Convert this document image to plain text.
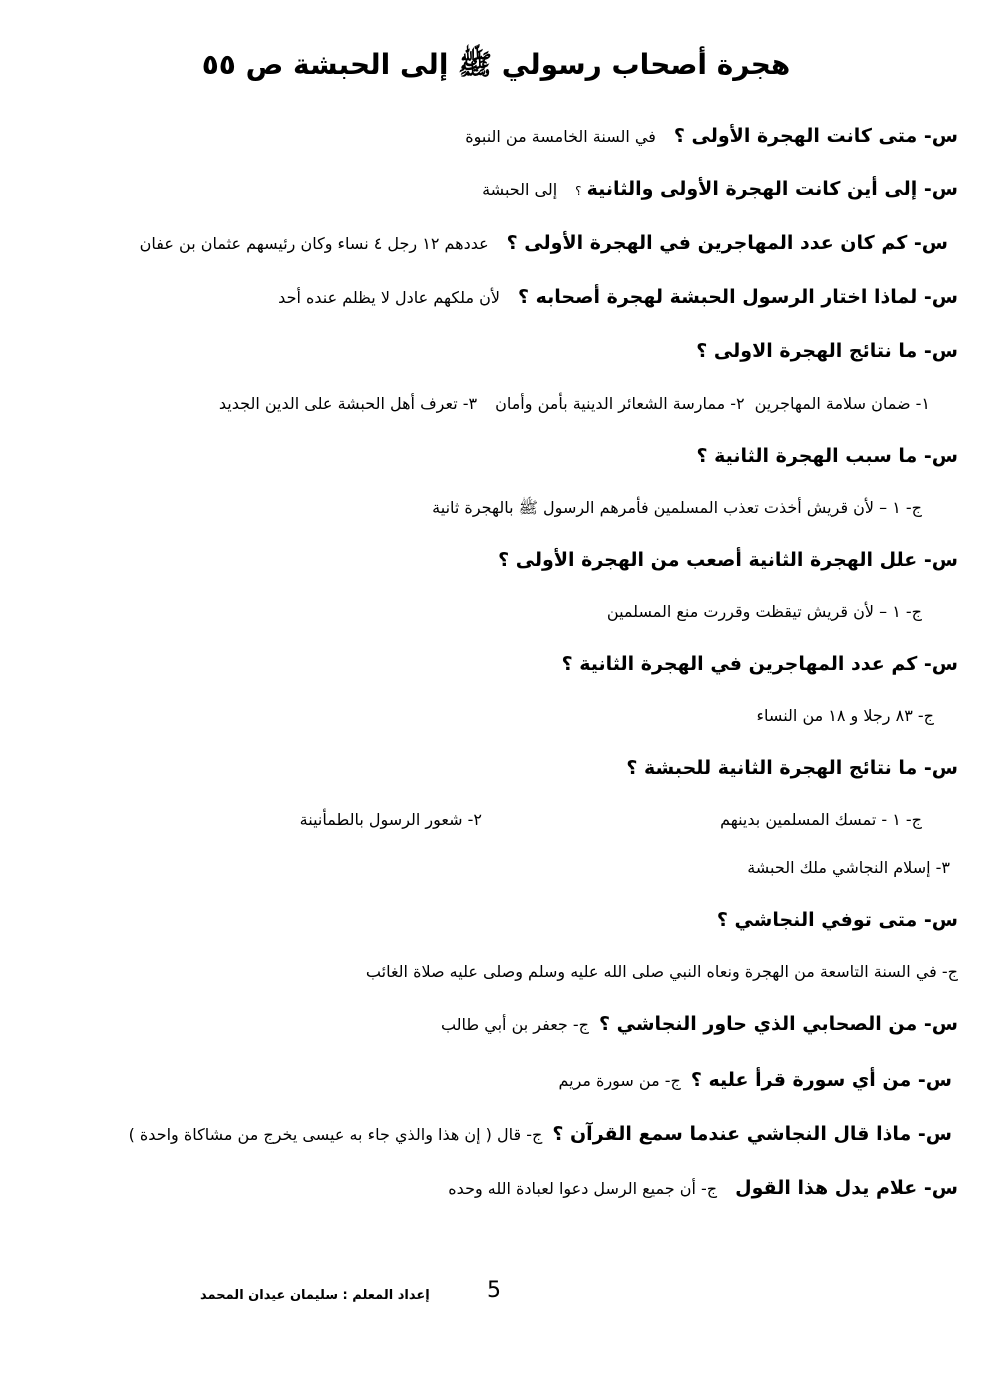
هجرة أصحاب رسولي ﷺ إلى الحبشة ص ٥٥
س- متى كانت الهجرة الأولى ؟في السنة الخامسة من النبوة
س- إلى أين كانت الهجرة الأولى والثانية ؟إلى الحبشة
س- كم كان عدد المهاجرين في الهجرة الأولى ؟عددهم ١٢ رجل ٤ نساء وكان رئيسهم عثمان بن عفان
س- لماذا اختار الرسول الحبشة لهجرة أصحابه ؟لأن ملكهم عادل لا يظلم عنده أحد
س- ما نتائج الهجرة الاولى ؟
١- ضمان سلامة المهاجرين٢- ممارسة الشعائر الدينية بأمن وأمان٣- تعرف أهل الحبشة على الدين الجديد
س- ما سبب الهجرة الثانية ؟
ج- ١ – لأن قريش أخذت تعذب المسلمين فأمرهم الرسول ﷺ بالهجرة ثانية
س- علل الهجرة الثانية أصعب من الهجرة الأولى ؟
ج- ١ – لأن قريش تيقظت وقررت منع المسلمين
س- كم عدد المهاجرين في الهجرة الثانية ؟
ج- ٨٣ رجلا و ١٨ من النساء
س- ما نتائج الهجرة الثانية للحبشة ؟
ج- ١ - تمسك المسلمين بدينهم
٢- شعور الرسول بالطمأنينة
٣- إسلام النجاشي ملك الحبشة
س- متى توفي النجاشي ؟
ج- في السنة التاسعة من الهجرة ونعاه النبي صلى الله عليه وسلم وصلى عليه صلاة الغائب
س- من الصحابي الذي حاور النجاشي ؟ج- جعفر بن أبي طالب
س- من أي سورة قرأ عليه ؟ج- من سورة مريم
س- ماذا قال النجاشي عندما سمع القرآن ؟ج- قال ( إن هذا والذي جاء به عيسى يخرج من مشاكاة واحدة )
س- علام يدل هذا القولج- أن جميع الرسل دعوا لعبادة الله وحده
5
إعداد المعلم : سليمان عيدان المحمد
